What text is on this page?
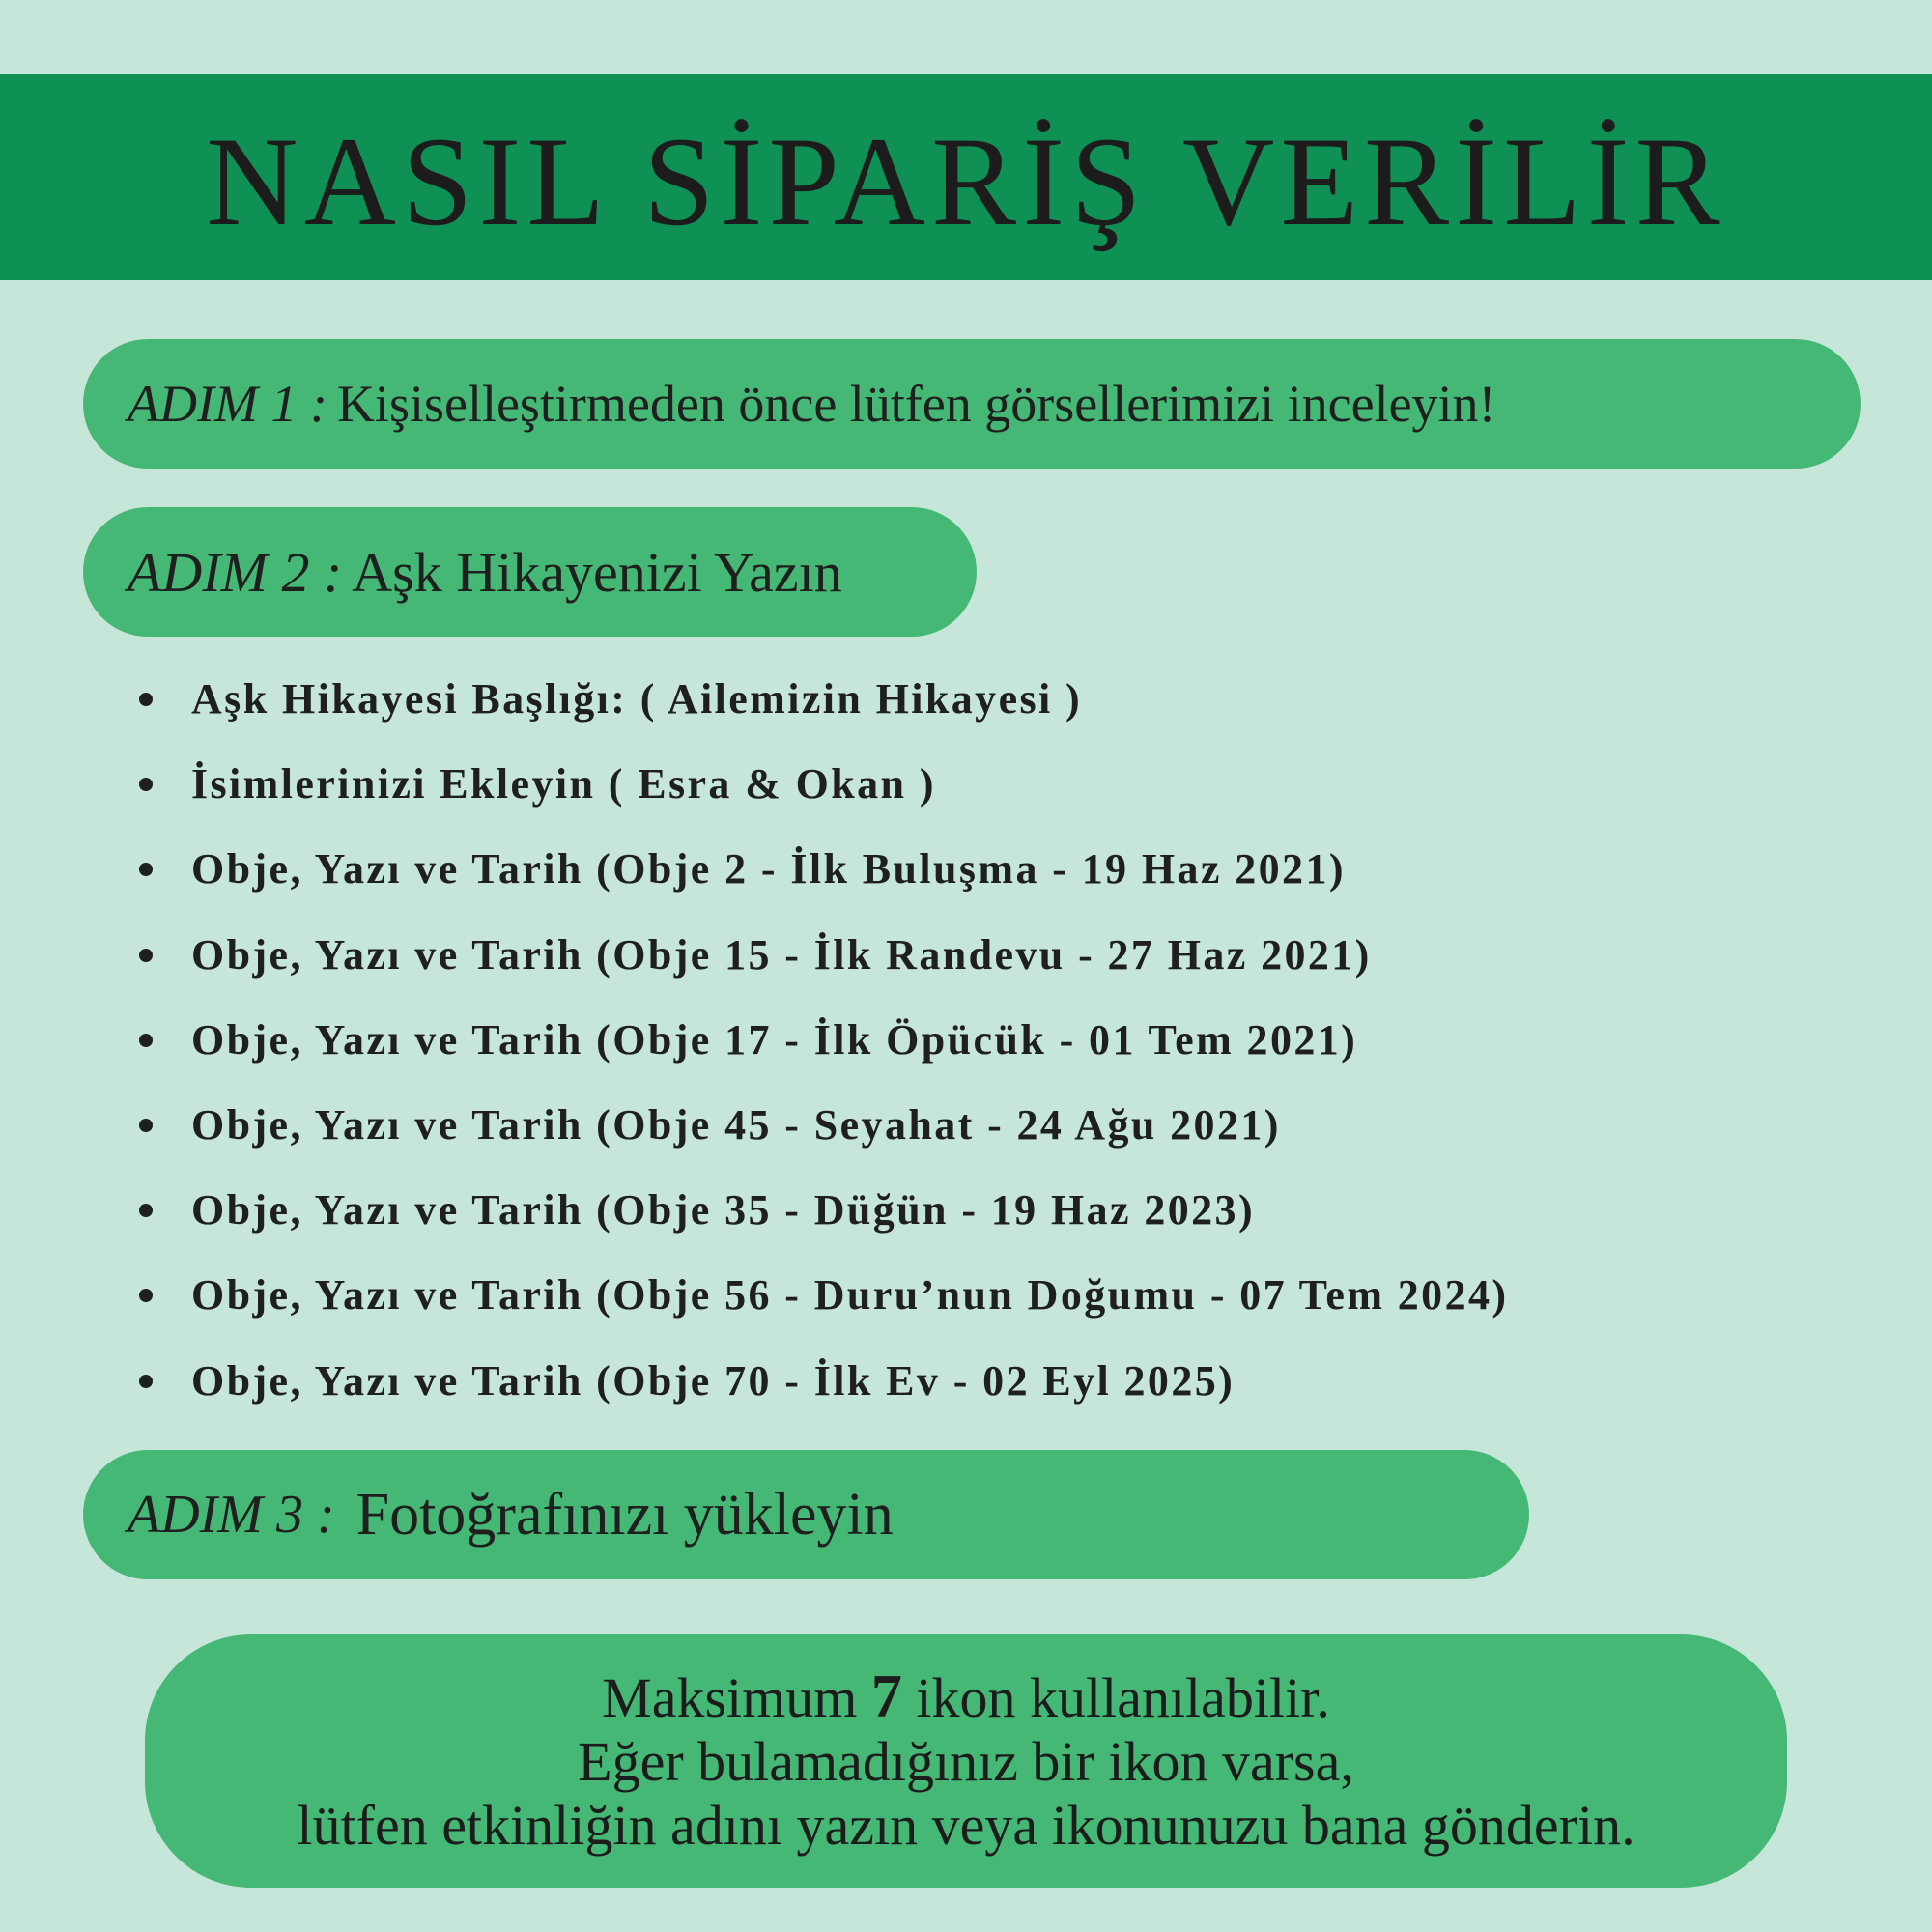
NASIL SİPARİŞ VERİLİR
ADIM 1 : Kişiselleştirmeden önce lütfen görsellerimizi inceleyin!
ADIM 2 : Aşk Hikayenizi Yazın
Aşk Hikayesi Başlığı: ( Ailemizin Hikayesi )
İsimlerinizi Ekleyin ( Esra & Okan )
Obje, Yazı ve Tarih (Obje 2 - İlk Buluşma - 19 Haz 2021)
Obje, Yazı ve Tarih (Obje 15 - İlk Randevu - 27 Haz 2021)
Obje, Yazı ve Tarih (Obje 17 - İlk Öpücük - 01 Tem 2021)
Obje, Yazı ve Tarih (Obje 45 - Seyahat - 24 Ağu 2021)
Obje, Yazı ve Tarih (Obje 35 - Düğün - 19 Haz 2023)
Obje, Yazı ve Tarih (Obje 56 - Duru’nun Doğumu - 07 Tem 2024)
Obje, Yazı ve Tarih (Obje 70 - İlk Ev - 02 Eyl 2025)
ADIM 3 : Fotoğrafınızı yükleyin
Maksimum 7 ikon kullanılabilir.
Eğer bulamadığınız bir ikon varsa,
lütfen etkinliğin adını yazın veya ikonunuzu bana gönderin.
